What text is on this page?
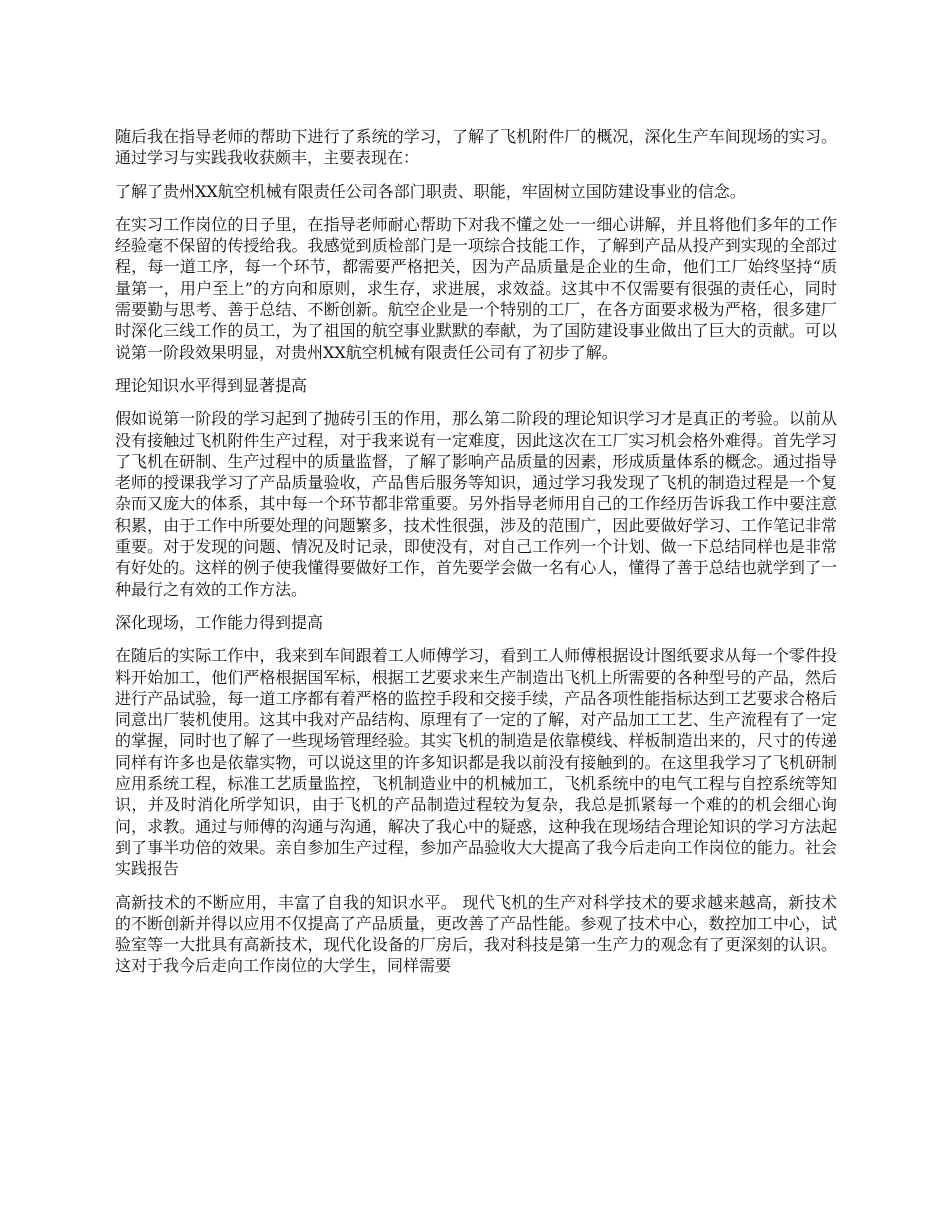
随后我在指导老师的帮助下进行了系统的学习，了解了飞机附件厂的概况，深化生产车间现场的实习。通过学习与实践我收获颇丰，主要表现在：

了解了贵州XX航空机械有限责任公司各部门职责、职能，牢固树立国防建设事业的信念。

在实习工作岗位的日子里，在指导老师耐心帮助下对我不懂之处一一细心讲解，并且将他们多年的工作经验毫不保留的传授给我。我感觉到质检部门是一项综合技能工作，了解到产品从投产到实现的全部过程，每一道工序，每一个环节，都需要严格把关，因为产品质量是企业的生命，他们工厂始终坚持“质量第一，用户至上”的方向和原则，求生存，求进展，求效益。这其中不仅需要有很强的责任心，同时需要勤与思考、善于总结、不断创新。航空企业是一个特别的工厂，在各方面要求极为严格，很多建厂时深化三线工作的员工，为了祖国的航空事业默默的奉献，为了国防建设事业做出了巨大的贡献。可以说第一阶段效果明显，对贵州XX航空机械有限责任公司有了初步了解。

理论知识水平得到显著提高

假如说第一阶段的学习起到了抛砖引玉的作用，那么第二阶段的理论知识学习才是真正的考验。以前从没有接触过飞机附件生产过程，对于我来说有一定难度，因此这次在工厂实习机会格外难得。首先学习了飞机在研制、生产过程中的质量监督，了解了影响产品质量的因素，形成质量体系的概念。通过指导老师的授课我学习了产品质量验收，产品售后服务等知识，通过学习我发现了飞机的制造过程是一个复杂而又庞大的体系，其中每一个环节都非常重要。另外指导老师用自己的工作经历告诉我工作中要注意积累，由于工作中所要处理的问题繁多，技术性很强，涉及的范围广，因此要做好学习、工作笔记非常重要。对于发现的问题、情况及时记录，即使没有，对自己工作列一个计划、做一下总结同样也是非常有好处的。这样的例子使我懂得要做好工作，首先要学会做一名有心人，懂得了善于总结也就学到了一种最行之有效的工作方法。

深化现场，工作能力得到提高

在随后的实际工作中，我来到车间跟着工人师傅学习，看到工人师傅根据设计图纸要求从每一个零件投料开始加工，他们严格根据国军标，根据工艺要求来生产制造出飞机上所需要的各种型号的产品，然后进行产品试验，每一道工序都有着严格的监控手段和交接手续，产品各项性能指标达到工艺要求合格后同意出厂装机使用。这其中我对产品结构、原理有了一定的了解，对产品加工工艺、生产流程有了一定的掌握，同时也了解了一些现场管理经验。其实飞机的制造是依靠模线、样板制造出来的，尺寸的传递同样有许多也是依靠实物，可以说这里的许多知识都是我以前没有接触到的。在这里我学习了飞机研制应用系统工程，标准工艺质量监控，飞机制造业中的机械加工，飞机系统中的电气工程与自控系统等知识，并及时消化所学知识，由于飞机的产品制造过程较为复杂，我总是抓紧每一个难的的机会细心询问，求教。通过与师傅的沟通与沟通，解决了我心中的疑惑，这种我在现场结合理论知识的学习方法起到了事半功倍的效果。亲自参加生产过程，参加产品验收大大提高了我今后走向工作岗位的能力。社会实践报告

高新技术的不断应用，丰富了自我的知识水平。 现代飞机的生产对科学技术的要求越来越高，新技术的不断创新并得以应用不仅提高了产品质量，更改善了产品性能。参观了技术中心，数控加工中心，试验室等一大批具有高新技术，现代化设备的厂房后，我对科技是第一生产力的观念有了更深刻的认识。这对于我今后走向工作岗位的大学生，同样需要
